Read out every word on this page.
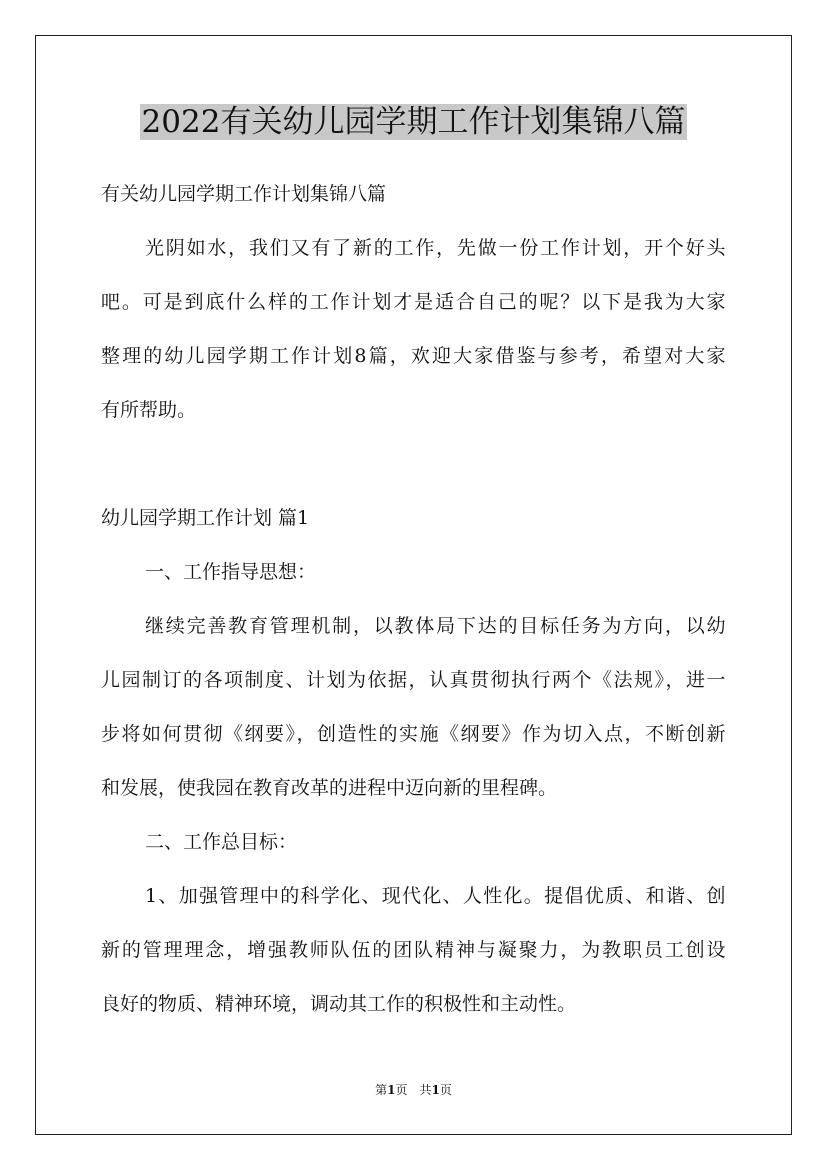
2022有关幼儿园学期工作计划集锦八篇
有关幼儿园学期工作计划集锦八篇
光阴如水，我们又有了新的工作，先做一份工作计划，开个好头
吧。可是到底什么样的工作计划才是适合自己的呢？以下是我为大家
整理的幼儿园学期工作计划8篇，欢迎大家借鉴与参考，希望对大家
有所帮助。
幼儿园学期工作计划 篇1
一、工作指导思想：
继续完善教育管理机制，以教体局下达的目标任务为方向，以幼
儿园制订的各项制度、计划为依据，认真贯彻执行两个《法规》，进一
步将如何贯彻《纲要》，创造性的实施《纲要》作为切入点，不断创新
和发展，使我园在教育改革的进程中迈向新的里程碑。
二、工作总目标：
1、加强管理中的科学化、现代化、人性化。提倡优质、和谐、创
新的管理理念，增强教师队伍的团队精神与凝聚力，为教职员工创设
良好的物质、精神环境，调动其工作的积极性和主动性。
第1页　共1页
